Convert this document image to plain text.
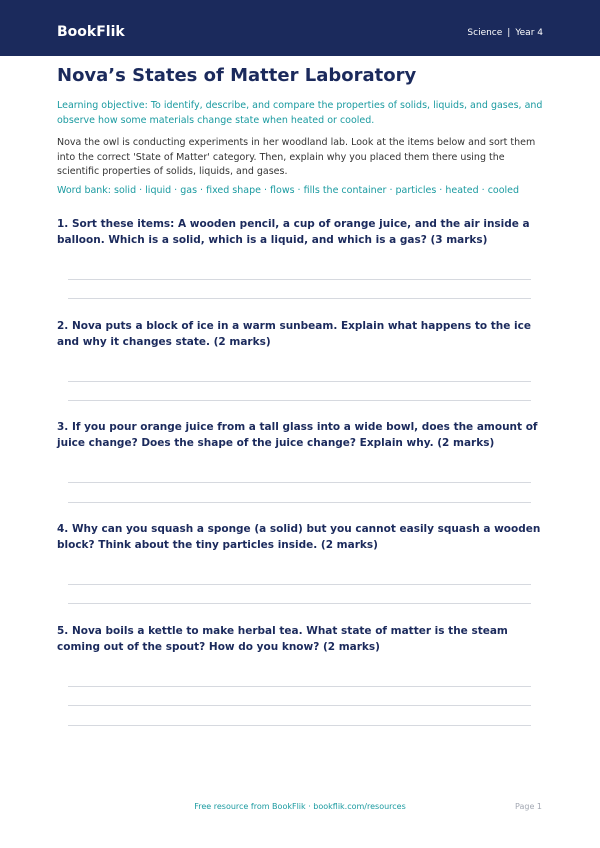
BookFlik	Science | Year 4
Nova’s States of Matter Laboratory

Learning objective: To identify, describe, and compare the properties of solids, liquids, and gases, and observe how some materials change state when heated or cooled.

Nova the owl is conducting experiments in her woodland lab. Look at the items below and sort them into the correct 'State of Matter' category. Then, explain why you placed them there using the scientific properties of solids, liquids, and gases.

Word bank: solid · liquid · gas · fixed shape · flows · fills the container · particles · heated · cooled

1. Sort these items: A wooden pencil, a cup of orange juice, and the air inside a balloon. Which is a solid, which is a liquid, and which is a gas? (3 marks)

2. Nova puts a block of ice in a warm sunbeam. Explain what happens to the ice and why it changes state. (2 marks)

3. If you pour orange juice from a tall glass into a wide bowl, does the amount of juice change? Does the shape of the juice change? Explain why. (2 marks)

4. Why can you squash a sponge (a solid) but you cannot easily squash a wooden block? Think about the tiny particles inside. (2 marks)

5. Nova boils a kettle to make herbal tea. What state of matter is the steam coming out of the spout? How do you know? (2 marks)

Free resource from BookFlik · bookflik.com/resources	Page 1
